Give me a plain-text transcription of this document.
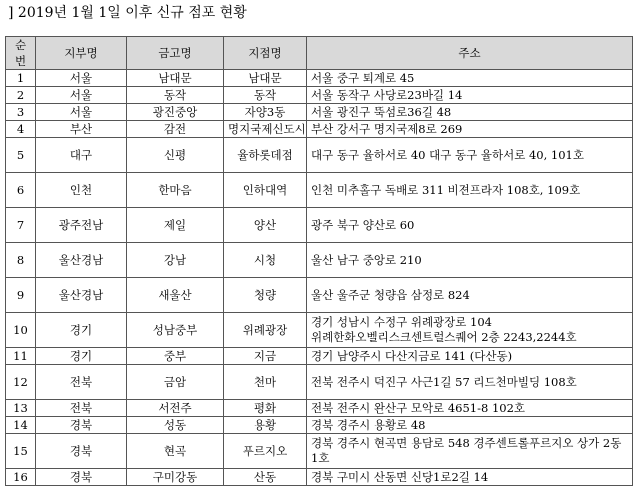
] 2019년 1월 1일 이후 신규 점포 현황
순번	지부명	금고명	지점명	주소
1	서울	남대문	남대문	서울 중구 퇴계로 45
2	서울	동작	동작	서울 동작구 사당로23바길 14
3	서울	광진중앙	자양3동	서울 광진구 뚝섬로36길 48
4	부산	감전	명지국제신도시	부산 강서구 명지국제8로 269
5	대구	신평	율하롯데점	대구 동구 율하서로 40 대구 동구 율하서로 40, 101호
6	인천	한마음	인하대역	인천 미추홀구 독배로 311 비젼프라자 108호, 109호
7	광주전남	제일	양산	광주 북구 양산로 60
8	울산경남	강남	시청	울산 남구 중앙로 210
9	울산경남	새울산	청량	울산 울주군 청량읍 삼정로 824
10	경기	성남중부	위례광장	경기 성남시 수정구 위례광장로 104 위례한화오벨리스크센트럴스퀘어 2층 2243,2244호
11	경기	중부	지금	경기 남양주시 다산지금로 141 (다산동)
12	전북	금암	천마	전북 전주시 덕진구 사근1길 57 리드천마빌딩 108호
13	전북	서전주	평화	전북 전주시 완산구 모악로 4651-8 102호
14	경북	성동	용황	경북 경주시 용황로 48
15	경북	현곡	푸르지오	경북 경주시 현곡면 용담로 548 경주센트롤푸르지오 상가 2동 1호
16	경북	구미강동	산동	경북 구미시 산동면 신당1로2길 14
